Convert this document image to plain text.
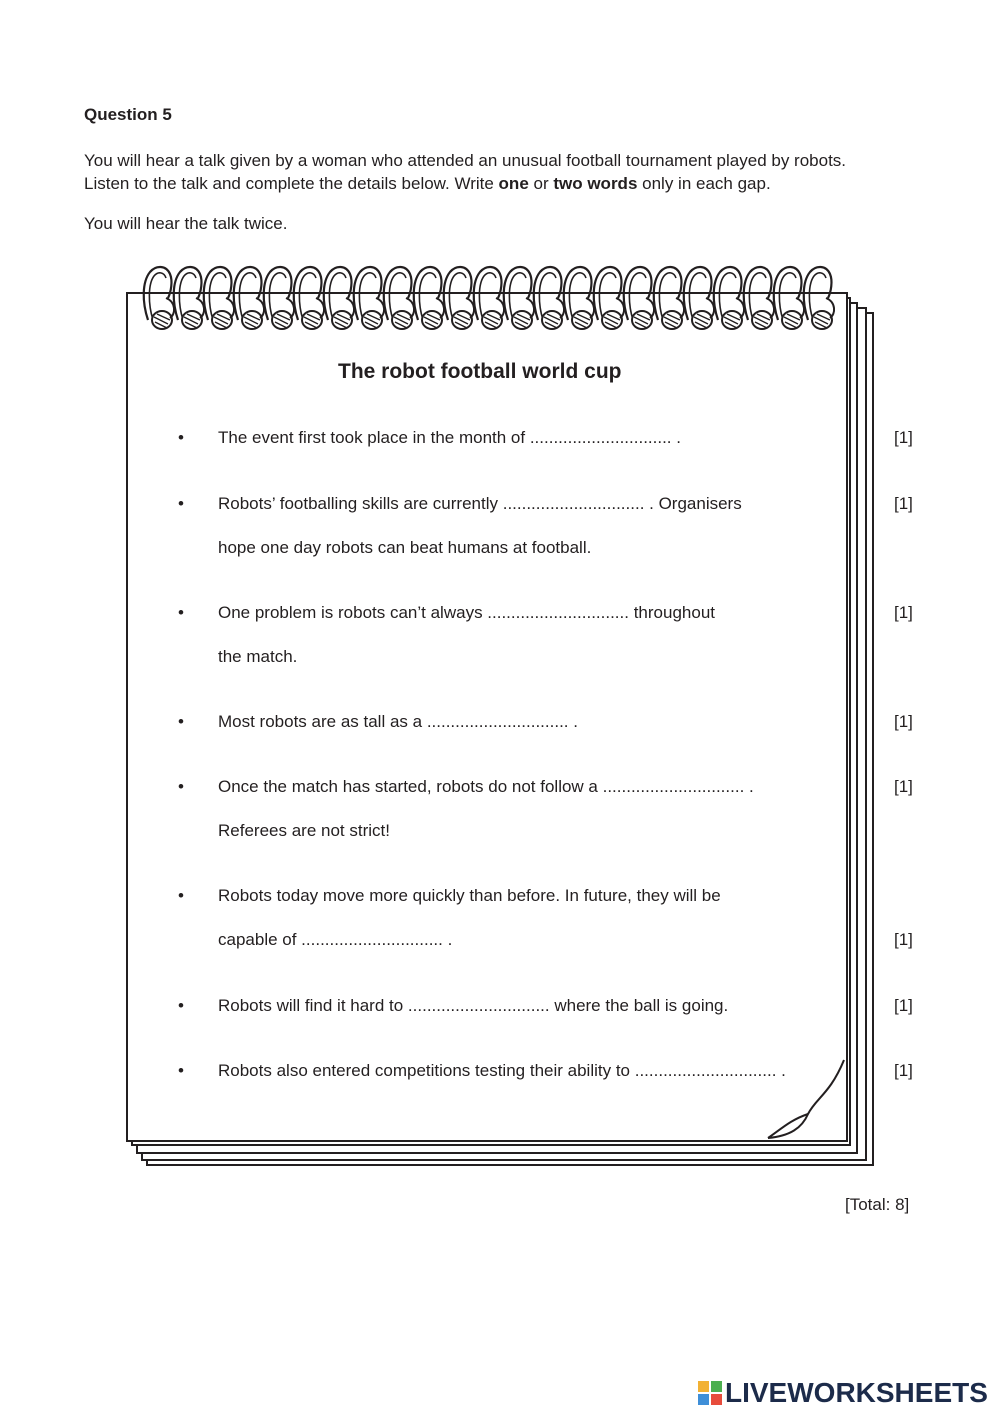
Question 5
You will hear a talk given by a woman who attended an unusual football tournament played by robots.
Listen to the talk and complete the details below. Write one or two words only in each gap.
You will hear the talk twice.
The robot football world cup
• The event first took place in the month of .............................. .	[1]
• Robots’ footballing skills are currently .............................. . Organisers	[1]
hope one day robots can beat humans at football.
• One problem is robots can’t always .............................. throughout	[1]
the match.
• Most robots are as tall as a .............................. .	[1]
• Once the match has started, robots do not follow a .............................. .	[1]
Referees are not strict!
• Robots today move more quickly than before. In future, they will be
capable of .............................. .	[1]
• Robots will find it hard to .............................. where the ball is going.	[1]
• Robots also entered competitions testing their ability to .............................. .	[1]
[Total: 8]
LIVEWORKSHEETS
